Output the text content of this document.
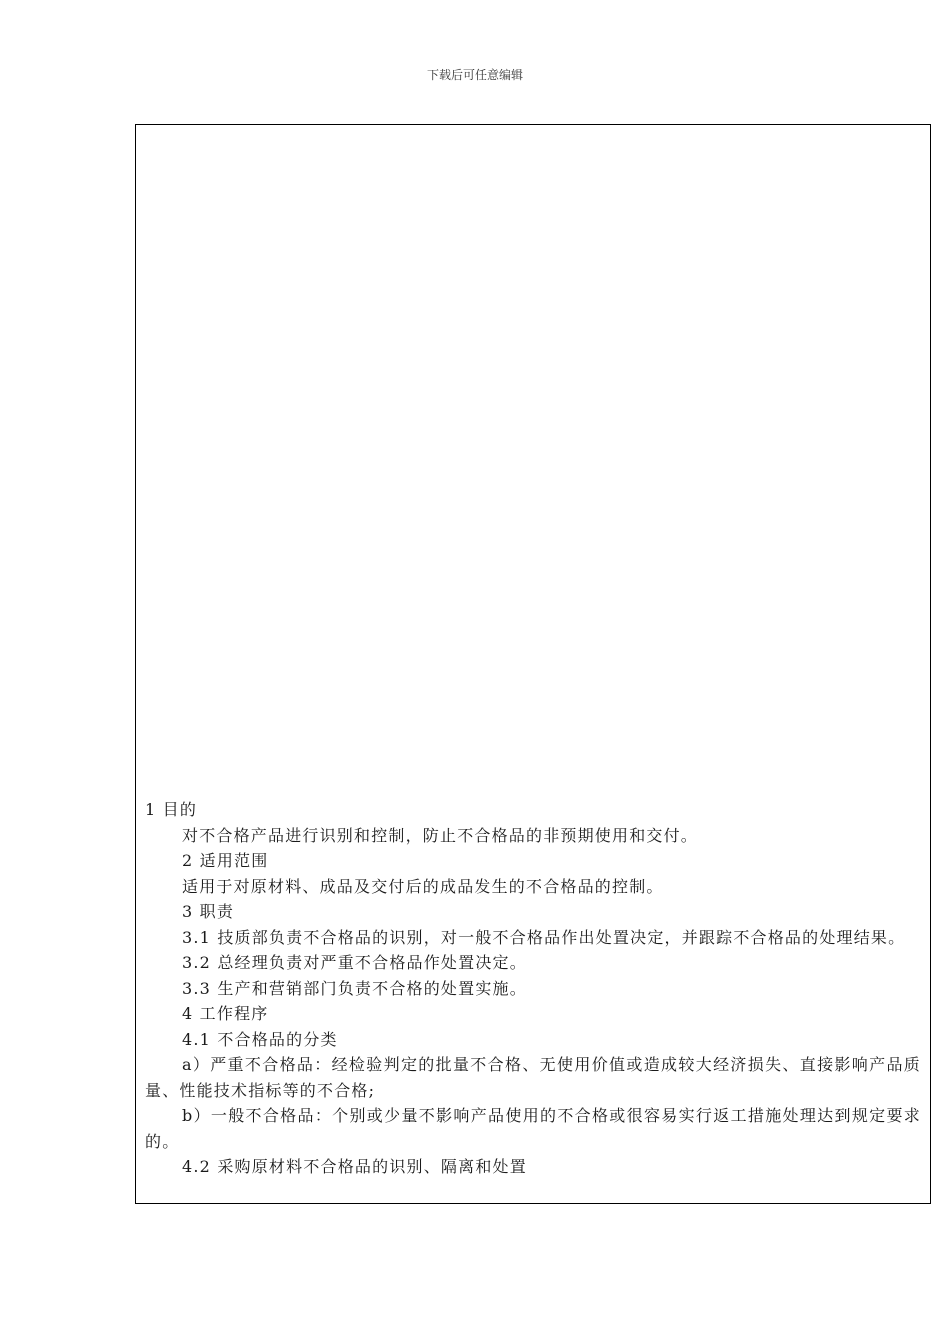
下载后可任意编辑

1 目的

对不合格产品进行识别和控制，防止不合格品的非预期使用和交付。

2 适用范围

适用于对原材料、成品及交付后的成品发生的不合格品的控制。

3 职责

3.1 技质部负责不合格品的识别，对一般不合格品作出处置决定，并跟踪不合格品的处理结果。

3.2 总经理负责对严重不合格品作处置决定。

3.3 生产和营销部门负责不合格的处置实施。

4 工作程序

4.1 不合格品的分类

a）严重不合格品：经检验判定的批量不合格、无使用价值或造成较大经济损失、直接影响产品质量、性能技术指标等的不合格;

b）一般不合格品：个别或少量不影响产品使用的不合格或很容易实行返工措施处理达到规定要求的。

4.2 采购原材料不合格品的识别、隔离和处置
